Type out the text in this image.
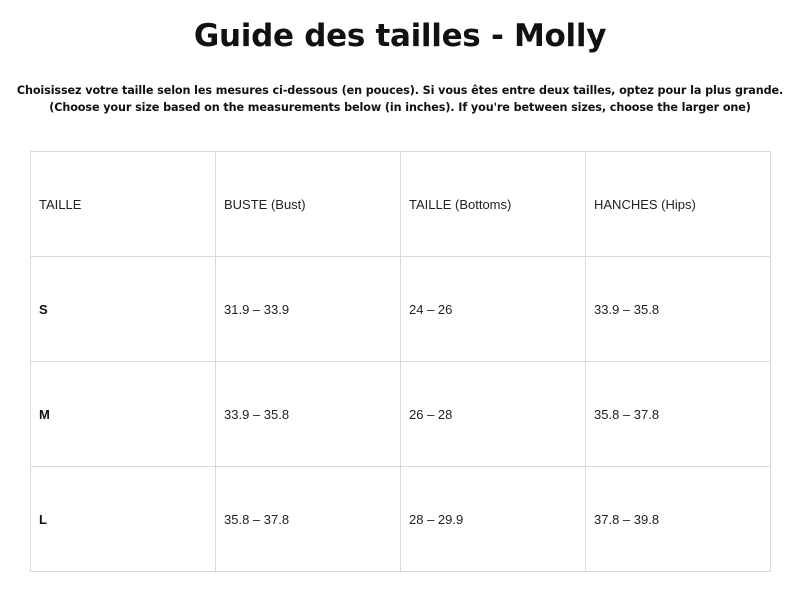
Guide des tailles - Molly
Choisissez votre taille selon les mesures ci-dessous (en pouces). Si vous êtes entre deux tailles, optez pour la plus grande.
(Choose your size based on the measurements below (in inches). If you're between sizes, choose the larger one)
TAILLE	BUSTE (Bust)	TAILLE (Bottoms)	HANCHES (Hips)
S	31.9 – 33.9	24 – 26	33.9 – 35.8
M	33.9 – 35.8	26 – 28	35.8 – 37.8
L	35.8 – 37.8	28 – 29.9	37.8 – 39.8
